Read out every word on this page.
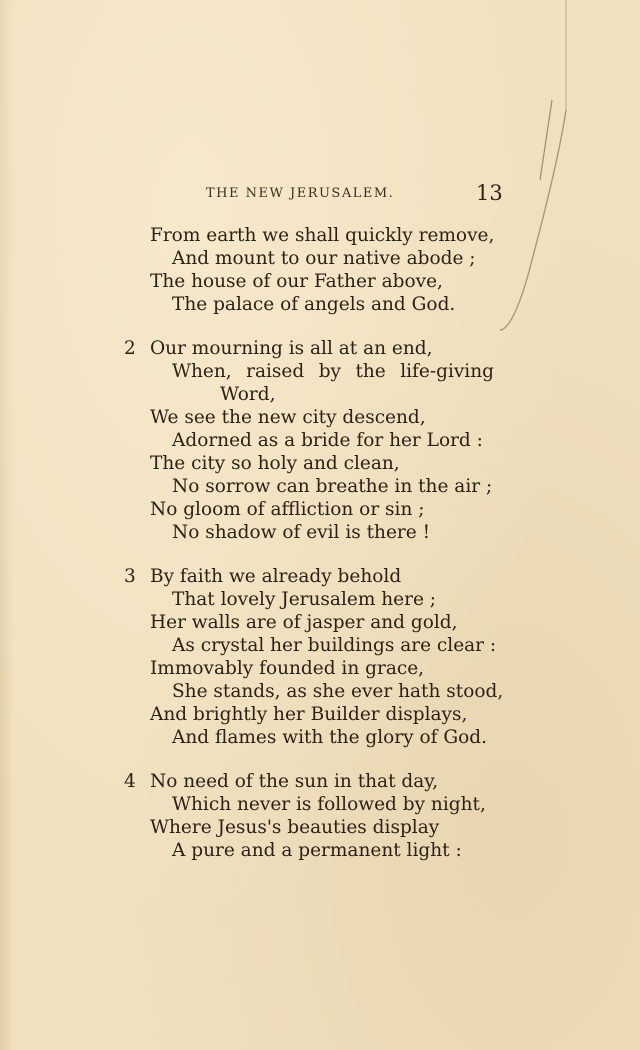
THE NEW JERUSALEM.	13
From earth we shall quickly remove,
And mount to our native abode ;
The house of our Father above,
The palace of angels and God.
2 Our mourning is all at an end,
When, raised by the life-giving
Word,
We see the new city descend,
Adorned as a bride for her Lord :
The city so holy and clean,
No sorrow can breathe in the air ;
No gloom of affliction or sin ;
No shadow of evil is there !
3 By faith we already behold
That lovely Jerusalem here ;
Her walls are of jasper and gold,
As crystal her buildings are clear :
Immovably founded in grace,
She stands, as she ever hath stood,
And brightly her Builder displays,
And flames with the glory of God.
4 No need of the sun in that day,
Which never is followed by night,
Where Jesus's beauties display
A pure and a permanent light :
